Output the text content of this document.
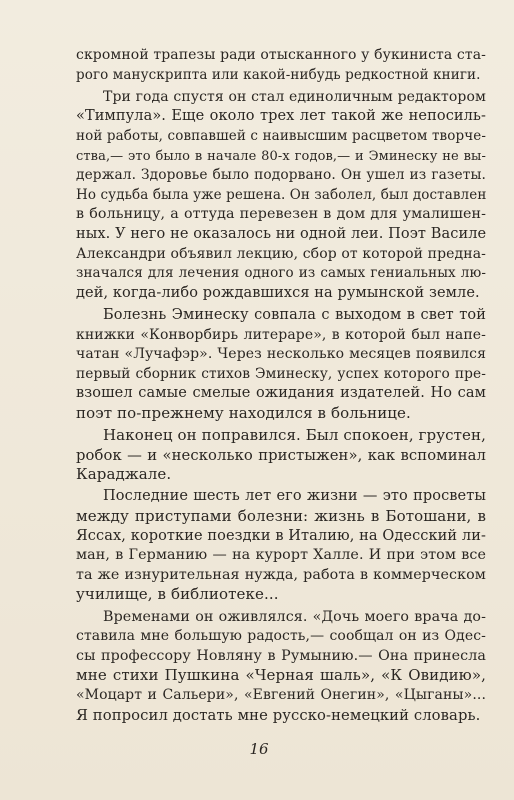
скромной трапезы ради отысканного у букиниста ста-
рого манускрипта или какой-нибудь редкостной книги.
Три года спустя он стал единоличным редактором
«Тимпула». Еще около трех лет такой же непосиль-
ной работы, совпавшей с наивысшим расцветом творче-
ства,— это было в начале 80-х годов,— и Эминеску не вы-
держал. Здоровье было подорвано. Он ушел из газеты.
Но судьба была уже решена. Он заболел, был доставлен
в больницу, а оттуда перевезен в дом для умалишен-
ных. У него не оказалось ни одной леи. Поэт Василе
Александри объявил лекцию, сбор от которой предна-
значался для лечения одного из самых гениальных лю-
дей, когда-либо рождавшихся на румынской земле.
Болезнь Эминеску совпала с выходом в свет той
книжки «Конворбирь литераре», в которой был напе-
чатан «Лучафэр». Через несколько месяцев появился
первый сборник стихов Эминеску, успех которого пре-
взошел самые смелые ожидания издателей. Но сам
поэт по-прежнему находился в больнице.
Наконец он поправился. Был спокоен, грустен,
робок — и «несколько пристыжен», как вспоминал
Караджале.
Последние шесть лет его жизни — это просветы
между приступами болезни: жизнь в Ботошани, в
Яссах, короткие поездки в Италию, на Одесский ли-
ман, в Германию — на курорт Халле. И при этом все
та же изнурительная нужда, работа в коммерческом
училище, в библиотеке...
Временами он оживлялся. «Дочь моего врача до-
ставила мне большую радость,— сообщал он из Одес-
сы профессору Новляну в Румынию.— Она принесла
мне стихи Пушкина «Черная шаль», «К Овидию»,
«Моцарт и Сальери», «Евгений Онегин», «Цыганы»...
Я попросил достать мне русско-немецкий словарь.
16
